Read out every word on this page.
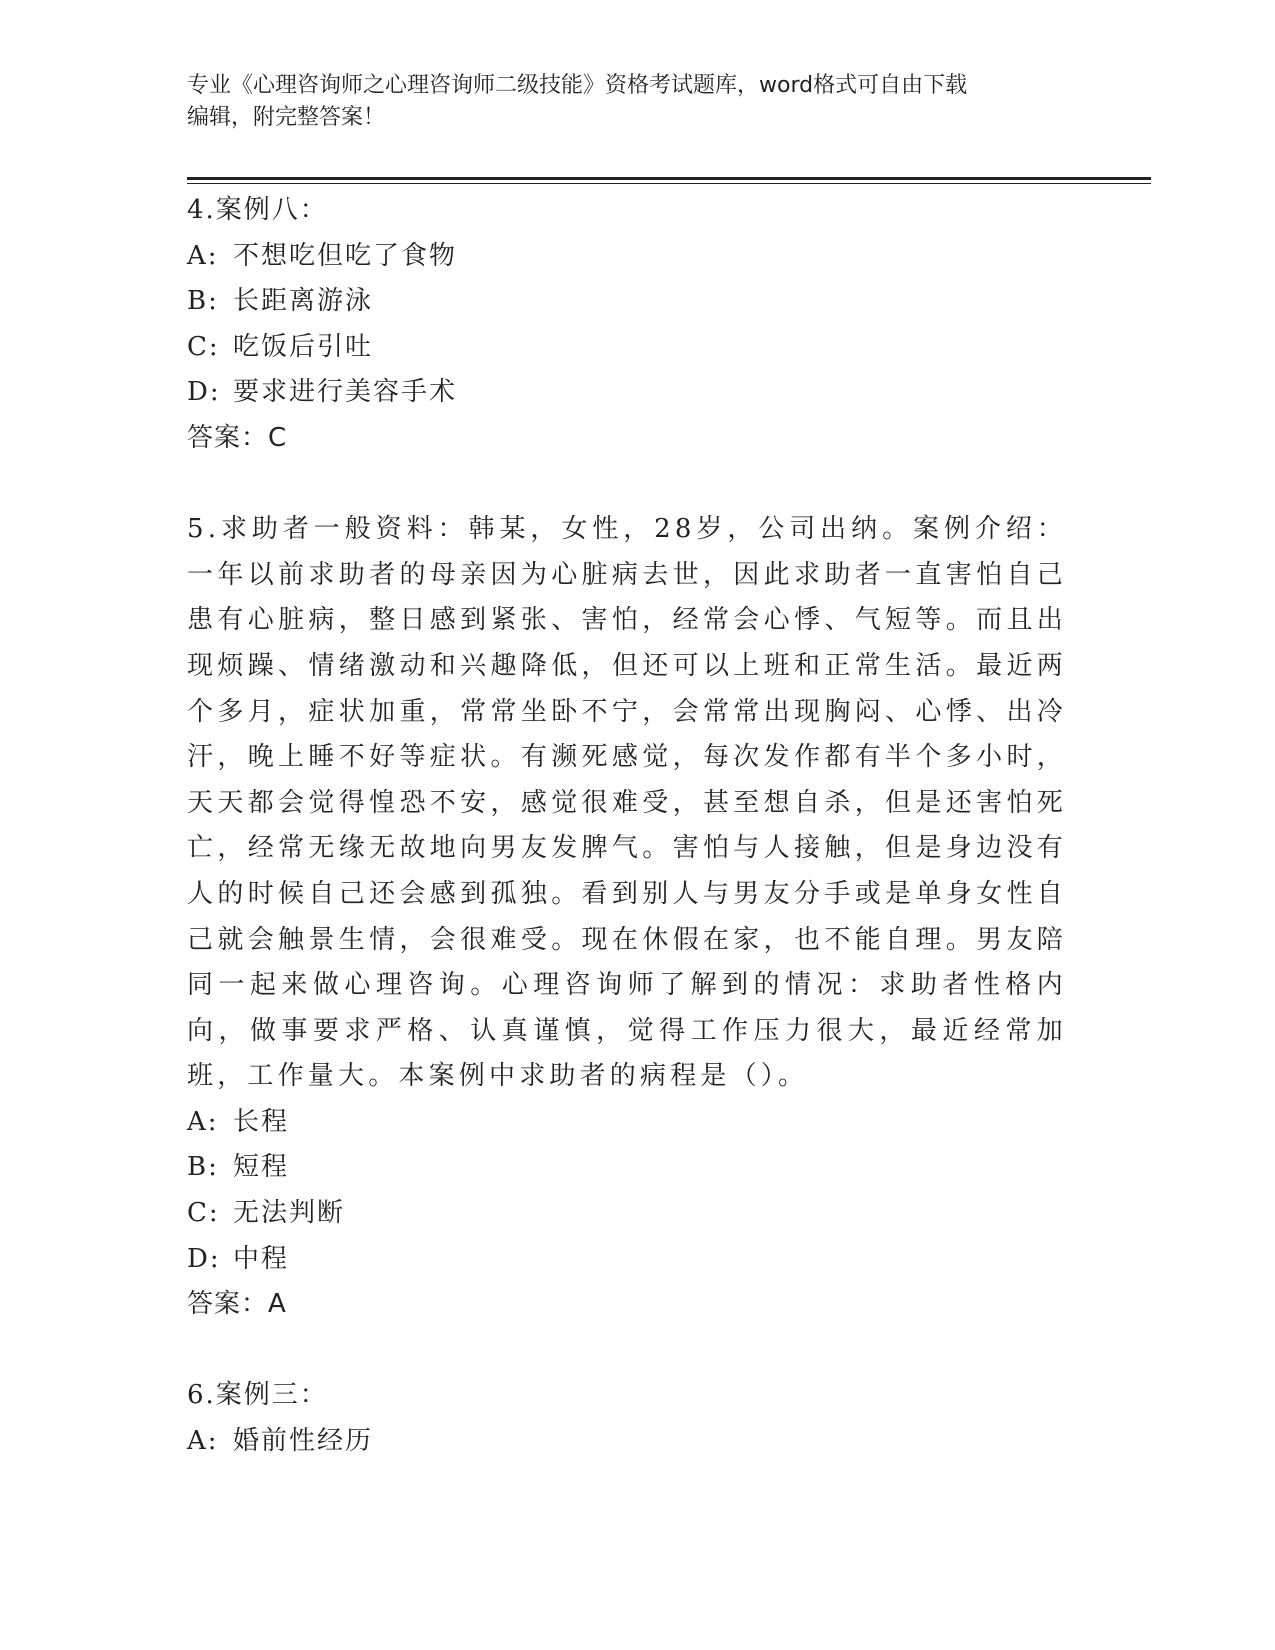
专业《心理咨询师之心理咨询师二级技能》资格考试题库，word格式可自由下载
编辑，附完整答案！
4.案例八：
A: 不想吃但吃了食物
B: 长距离游泳
C: 吃饭后引吐
D: 要求进行美容手术
答案：C
5.求助者一般资料：韩某，女性，28岁，公司出纳。案例介绍：一年以前求助者的母亲因为心脏病去世，因此求助者一直害怕自己患有心脏病，整日感到紧张、害怕，经常会心悸、气短等。而且出现烦躁、情绪激动和兴趣降低，但还可以上班和正常生活。最近两个多月，症状加重，常常坐卧不宁，会常常出现胸闷、心悸、出冷汗，晚上睡不好等症状。有濒死感觉，每次发作都有半个多小时，天天都会觉得惶恐不安，感觉很难受，甚至想自杀，但是还害怕死亡，经常无缘无故地向男友发脾气。害怕与人接触，但是身边没有人的时候自己还会感到孤独。看到别人与男友分手或是单身女性自己就会触景生情，会很难受。现在休假在家，也不能自理。男友陪同一起来做心理咨询。心理咨询师了解到的情况：求助者性格内向，做事要求严格、认真谨慎，觉得工作压力很大，最近经常加班，工作量大。本案例中求助者的病程是（）。
A: 长程
B: 短程
C: 无法判断
D: 中程
答案：A
6.案例三：
A: 婚前性经历
